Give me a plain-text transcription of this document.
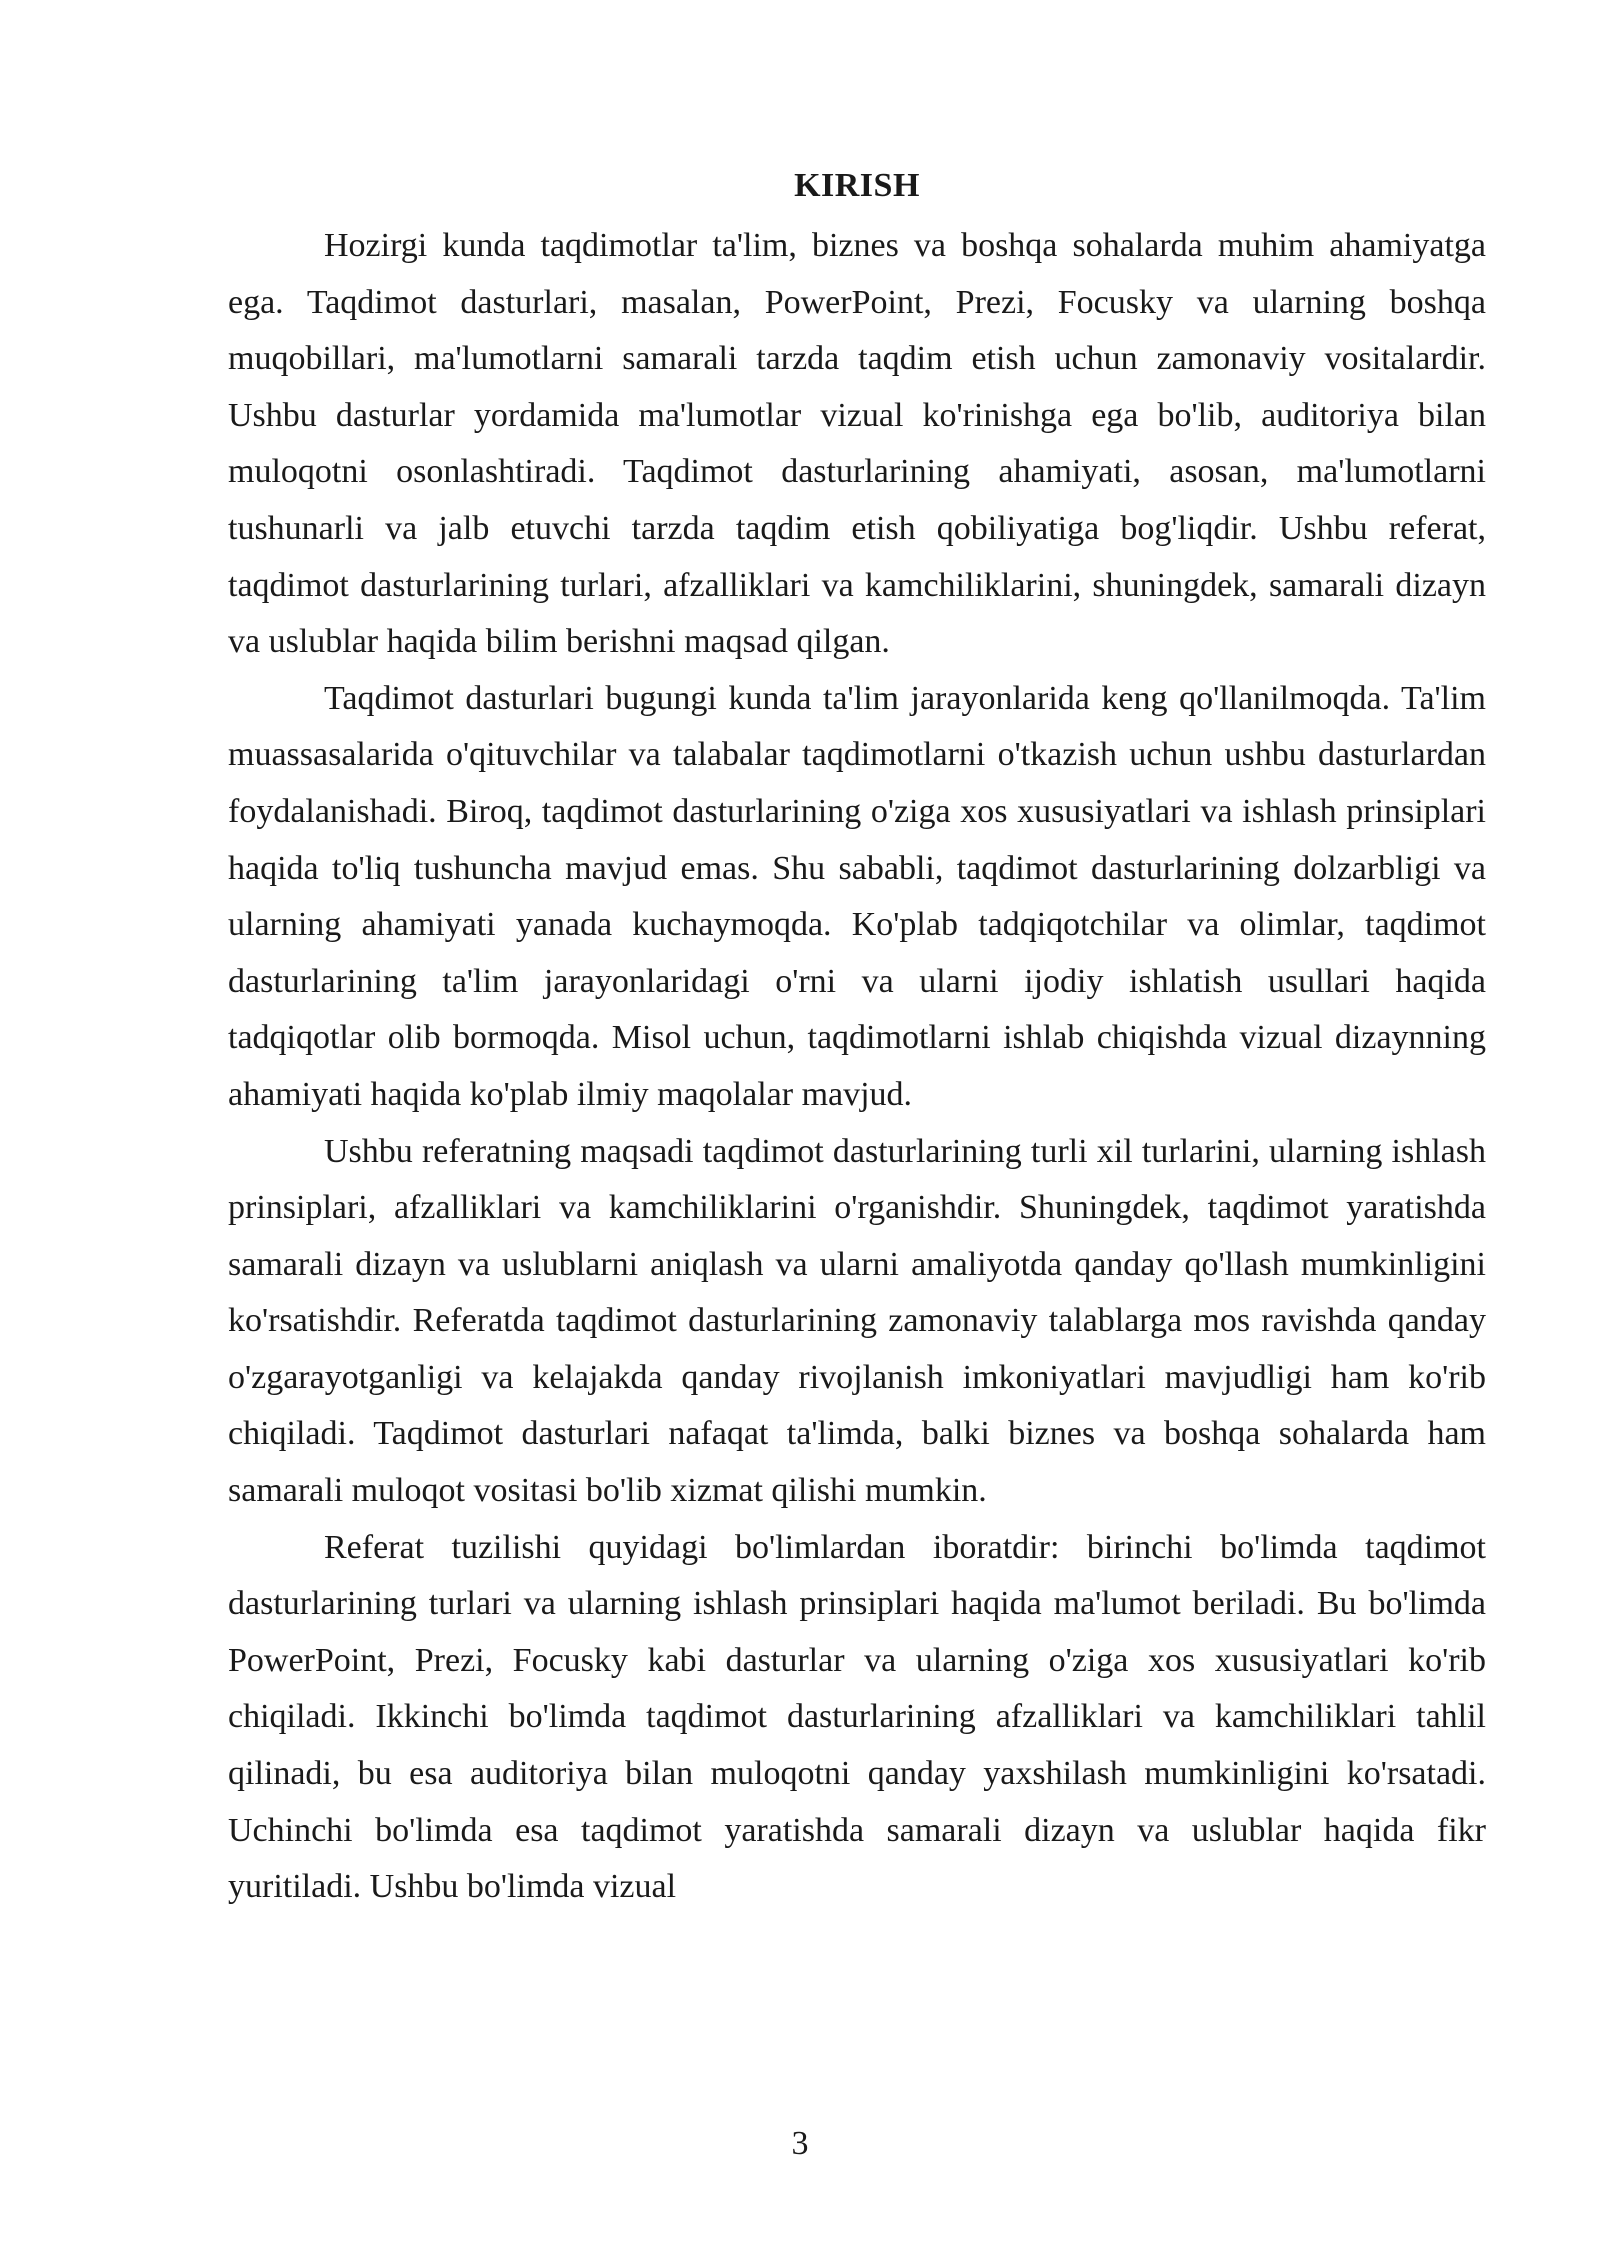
KIRISH

Hozirgi kunda taqdimotlar ta'lim, biznes va boshqa sohalarda muhim ahamiyatga ega. Taqdimot dasturlari, masalan, PowerPoint, Prezi, Focusky va ularning boshqa muqobillari, ma'lumotlarni samarali tarzda taqdim etish uchun zamonaviy vositalardir. Ushbu dasturlar yordamida ma'lumotlar vizual ko'rinishga ega bo'lib, auditoriya bilan muloqotni osonlashtiradi. Taqdimot dasturlarining ahamiyati, asosan, ma'lumotlarni tushunarli va jalb etuvchi tarzda taqdim etish qobiliyatiga bog'liqdir. Ushbu referat, taqdimot dasturlarining turlari, afzalliklari va kamchiliklarini, shuningdek, samarali dizayn va uslublar haqida bilim berishni maqsad qilgan.

Taqdimot dasturlari bugungi kunda ta'lim jarayonlarida keng qo'llanilmoqda. Ta'lim muassasalarida o'qituvchilar va talabalar taqdimotlarni o'tkazish uchun ushbu dasturlardan foydalanishadi. Biroq, taqdimot dasturlarining o'ziga xos xususiyatlari va ishlash prinsiplari haqida to'liq tushuncha mavjud emas. Shu sababli, taqdimot dasturlarining dolzarbligi va ularning ahamiyati yanada kuchaymoqda. Ko'plab tadqiqotchilar va olimlar, taqdimot dasturlarining ta'lim jarayonlaridagi o'rni va ularni ijodiy ishlatish usullari haqida tadqiqotlar olib bormoqda. Misol uchun, taqdimotlarni ishlab chiqishda vizual dizaynning ahamiyati haqida ko'plab ilmiy maqolalar mavjud.

Ushbu referatning maqsadi taqdimot dasturlarining turli xil turlarini, ularning ishlash prinsiplari, afzalliklari va kamchiliklarini o'rganishdir. Shuningdek, taqdimot yaratishda samarali dizayn va uslublarni aniqlash va ularni amaliyotda qanday qo'llash mumkinligini ko'rsatishdir. Referatda taqdimot dasturlarining zamonaviy talablarga mos ravishda qanday o'zgarayotganligi va kelajakda qanday rivojlanish imkoniyatlari mavjudligi ham ko'rib chiqiladi. Taqdimot dasturlari nafaqat ta'limda, balki biznes va boshqa sohalarda ham samarali muloqot vositasi bo'lib xizmat qilishi mumkin.

Referat tuzilishi quyidagi bo'limlardan iboratdir: birinchi bo'limda taqdimot dasturlarining turlari va ularning ishlash prinsiplari haqida ma'lumot beriladi. Bu bo'limda PowerPoint, Prezi, Focusky kabi dasturlar va ularning o'ziga xos xususiyatlari ko'rib chiqiladi. Ikkinchi bo'limda taqdimot dasturlarining afzalliklari va kamchiliklari tahlil qilinadi, bu esa auditoriya bilan muloqotni qanday yaxshilash mumkinligini ko'rsatadi. Uchinchi bo'limda esa taqdimot yaratishda samarali dizayn va uslublar haqida fikr yuritiladi. Ushbu bo'limda vizual

3
